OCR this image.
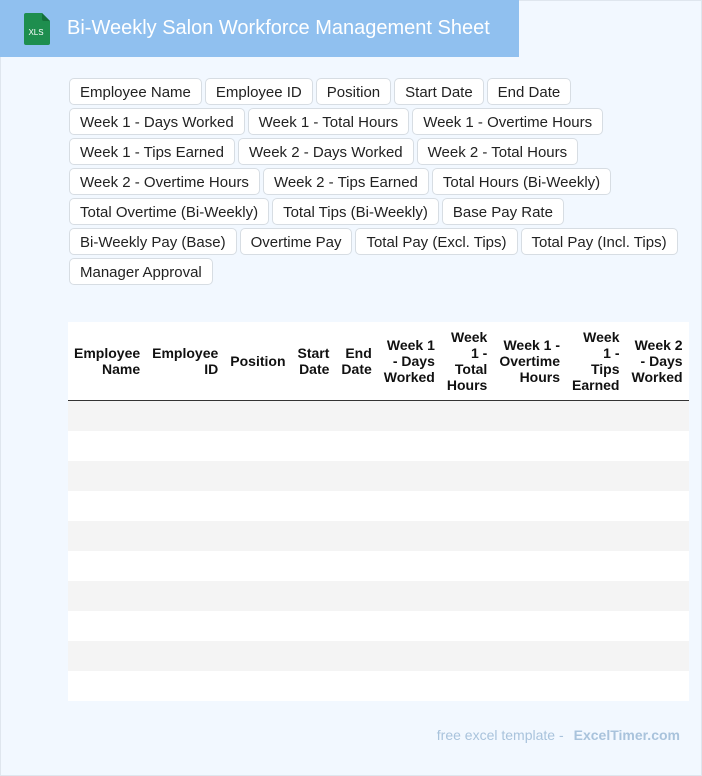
XLS Bi-Weekly Salon Workforce Management Sheet
Employee Name	Employee ID	Position	Start Date	End Date
Week 1 - Days Worked	Week 1 - Total Hours	Week 1 - Overtime Hours
Week 1 - Tips Earned	Week 2 - Days Worked	Week 2 - Total Hours
Week 2 - Overtime Hours	Week 2 - Tips Earned	Total Hours (Bi-Weekly)
Total Overtime (Bi-Weekly)	Total Tips (Bi-Weekly)	Base Pay Rate
Bi-Weekly Pay (Base)	Overtime Pay	Total Pay (Excl. Tips)	Total Pay (Incl. Tips)
Manager Approval
Employee Name	Employee ID	Position	Start Date	End Date	Week 1 - Days Worked	Week 1 - Total Hours	Week 1 - Overtime Hours	Week 1 - Tips Earned	Week 2 - Days Worked

free excel template - ExcelTimer.com
